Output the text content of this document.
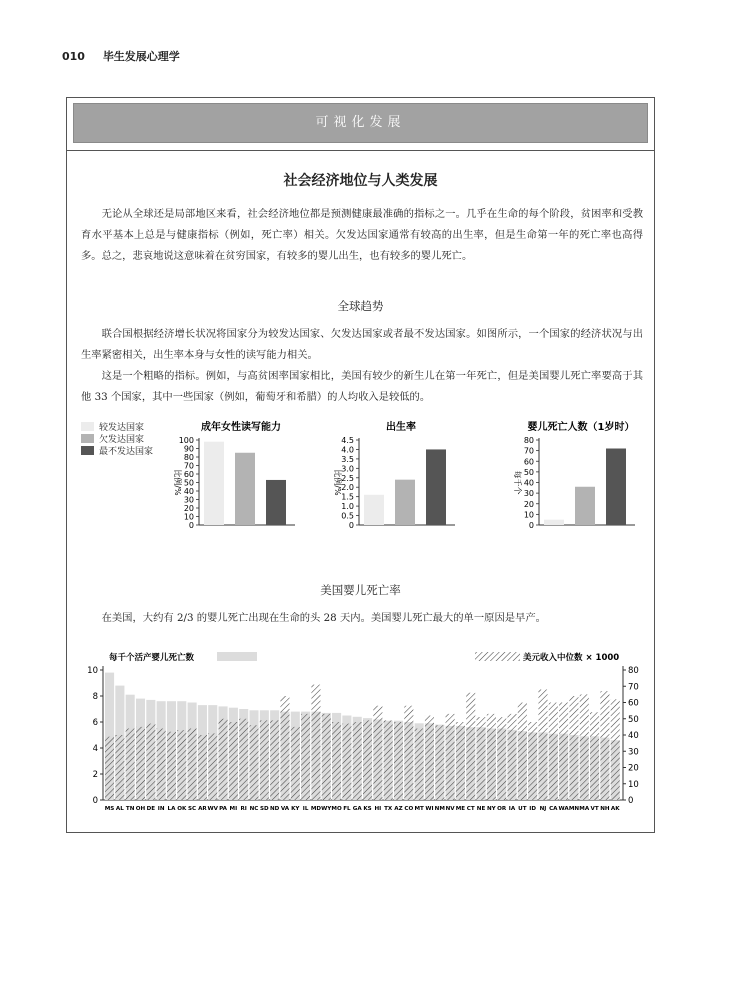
010 毕生发展心理学
可视化发展
社会经济地位与人类发展
无论从全球还是局部地区来看，社会经济地位都是预测健康最准确的指标之一。几乎在生命的每个阶段，贫困率和受教育水平基本上总是与健康指标（例如，死亡率）相关。欠发达国家通常有较高的出生率，但是生命第一年的死亡率也高得多。总之，悲哀地说这意味着在贫穷国家，有较多的婴儿出生，也有较多的婴儿死亡。
全球趋势
联合国根据经济增长状况将国家分为较发达国家、欠发达国家或者最不发达国家。如图所示，一个国家的经济状况与出生率紧密相关，出生率本身与女性的读写能力相关。
这是一个粗略的指标。例如，与高贫困率国家相比，美国有较少的新生儿在第一年死亡，但是美国婴儿死亡率要高于其他 33 个国家，其中一些国家（例如，葡萄牙和希腊）的人均收入是较低的。
较发达国家
欠发达国家
最不发达国家
成年女性读写能力
比例/%
0
10
20
30
40
50
60
70
80
90
100
出生率
比例/%
0
0.5
1.0
1.5
2.0
2.5
3.0
3.5
4.0
4.5
婴儿死亡人数（1岁时）
每千个
0
10
20
30
40
50
60
70
80
美国婴儿死亡率
在美国，大约有 2/3 的婴儿死亡出现在生命的头 28 天内。美国婴儿死亡最大的单一原因是早产。
每千个活产婴儿死亡数	美元收入中位数 × 1000
0
2
4
6
8
10
0
10
20
30
40
50
60
70
80
MS AL TN OH DE IN LA OK SC AR WV PA MI RI NC SD ND VA KY IL MD WY MO FL GA KS HI TX AZ CO MT WI NM NV ME CT NE NY OR IA UT ID NJ CA WA MN MA VT NH AK
